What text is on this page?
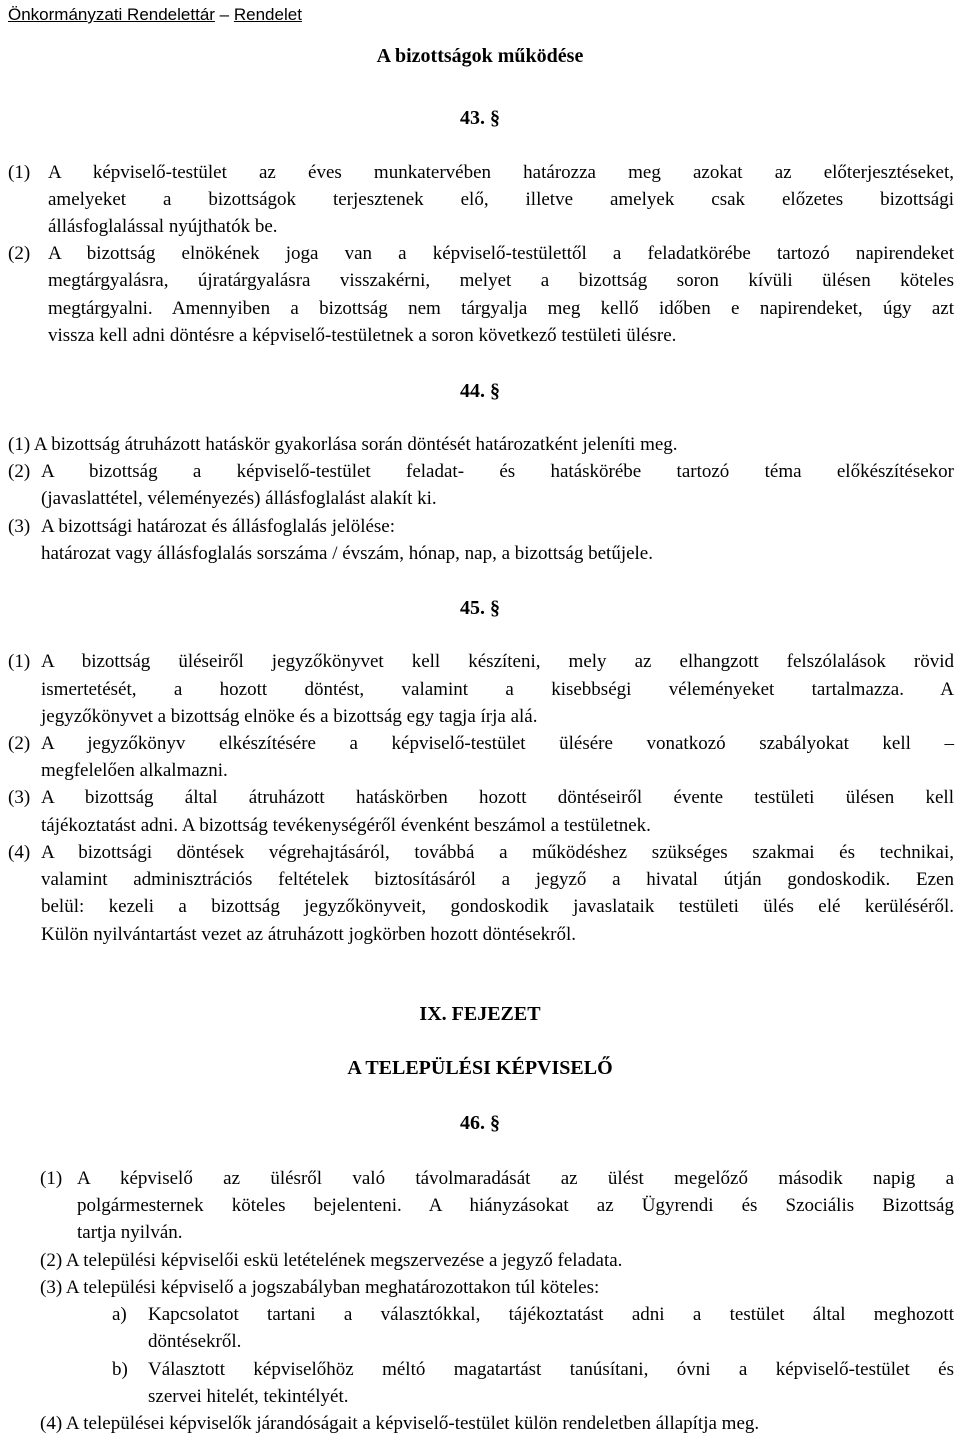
Önkormányzati Rendelettár – Rendelet
A bizottságok működése
43. §
(1) A képviselő-testület az éves munkatervében határozza meg azokat az előterjesztéseket,
amelyeket a bizottságok terjesztenek elő, illetve amelyek csak előzetes bizottsági
állásfoglalással nyújthatók be.
(2) A bizottság elnökének joga van a képviselő-testülettől a feladatkörébe tartozó napirendeket
megtárgyalásra, újratárgyalásra visszakérni, melyet a bizottság soron kívüli ülésen köteles
megtárgyalni. Amennyiben a bizottság nem tárgyalja meg kellő időben e napirendeket, úgy azt
vissza kell adni döntésre a képviselő-testületnek a soron következő testületi ülésre.
44. §
(1) A bizottság átruházott hatáskör gyakorlása során döntését határozatként jeleníti meg.
(2) A bizottság a képviselő-testület feladat- és hatáskörébe tartozó téma előkészítésekor
(javaslattétel, véleményezés) állásfoglalást alakít ki.
(3) A bizottsági határozat és állásfoglalás jelölése:
határozat vagy állásfoglalás sorszáma / évszám, hónap, nap, a bizottság betűjele.
45. §
(1) A bizottság üléseiről jegyzőkönyvet kell készíteni, mely az elhangzott felszólalások rövid
ismertetését, a hozott döntést, valamint a kisebbségi véleményeket tartalmazza. A
jegyzőkönyvet a bizottság elnöke és a bizottság egy tagja írja alá.
(2) A jegyzőkönyv elkészítésére a képviselő-testület ülésére vonatkozó szabályokat kell –
megfelelően alkalmazni.
(3) A bizottság által átruházott hatáskörben hozott döntéseiről évente testületi ülésen kell
tájékoztatást adni. A bizottság tevékenységéről évenként beszámol a testületnek.
(4) A bizottsági döntések végrehajtásáról, továbbá a működéshez szükséges szakmai és technikai,
valamint adminisztrációs feltételek biztosításáról a jegyző a hivatal útján gondoskodik. Ezen
belül: kezeli a bizottság jegyzőkönyveit, gondoskodik javaslataik testületi ülés elé kerüléséről.
Külön nyilvántartást vezet az átruházott jogkörben hozott döntésekről.
IX. FEJEZET
A TELEPÜLÉSI KÉPVISELŐ
46. §
(1) A képviselő az ülésről való távolmaradását az ülést megelőző második napig a
polgármesternek köteles bejelenteni. A hiányzásokat az Ügyrendi és Szociális Bizottság
tartja nyilván.
(2) A települési képviselői eskü letételének megszervezése a jegyző feladata.
(3) A települési képviselő a jogszabályban meghatározottakon túl köteles:
a) Kapcsolatot tartani a választókkal, tájékoztatást adni a testület által meghozott
döntésekről.
b) Választott képviselőhöz méltó magatartást tanúsítani, óvni a képviselő-testület és
szervei hitelét, tekintélyét.
(4) A települései képviselők járandóságait a képviselő-testület külön rendeletben állapítja meg.
